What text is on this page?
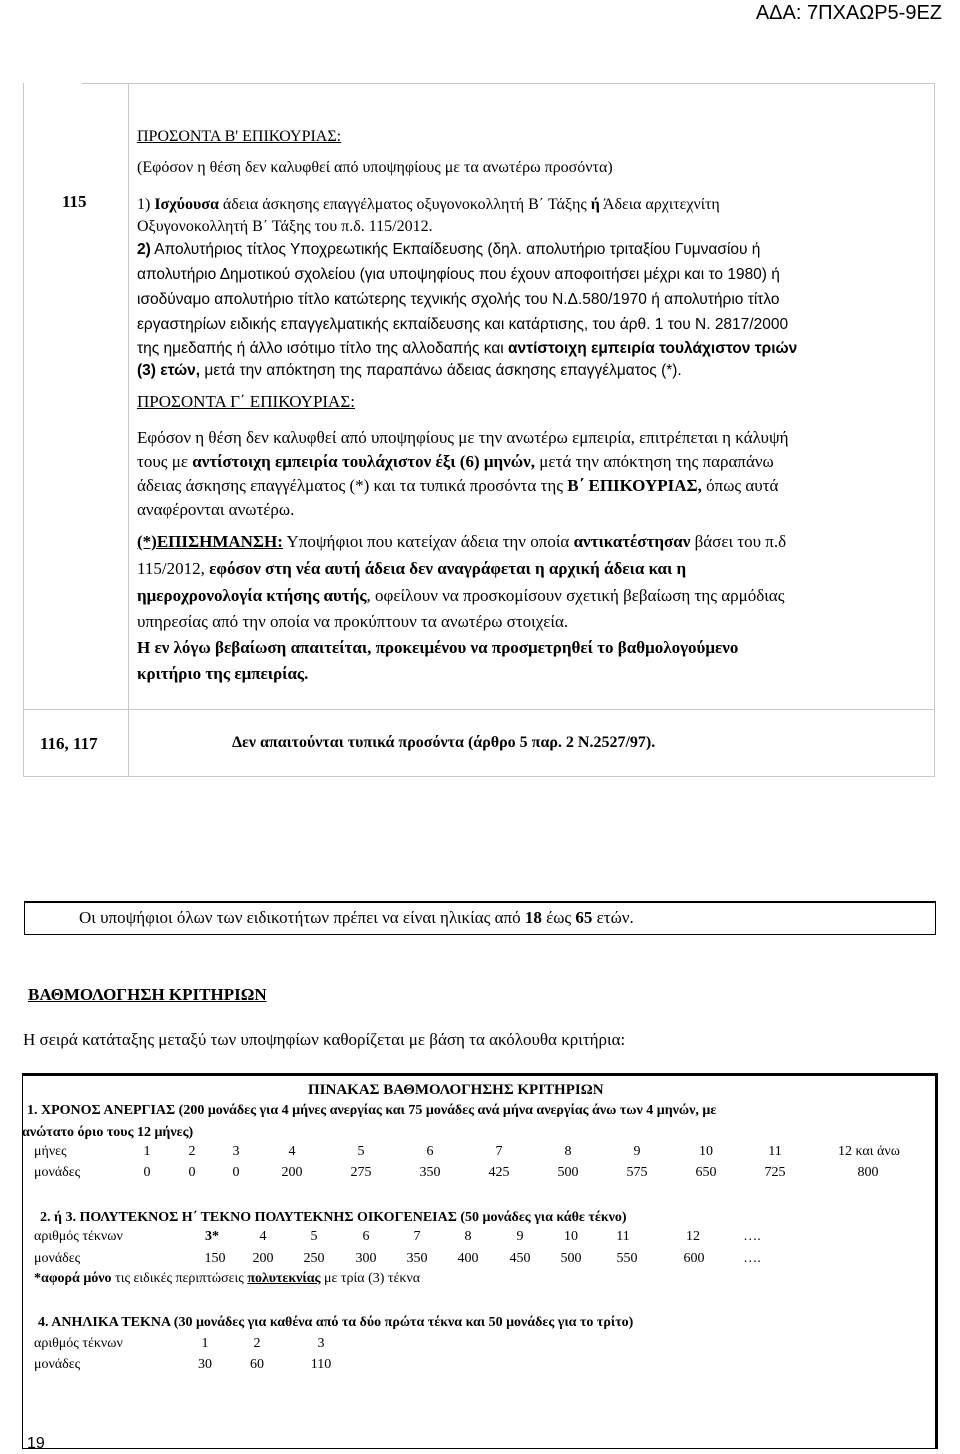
ΑΔΑ: 7ΠΧΑΩΡ5-9ΕΖ
115
ΠΡΟΣΟΝΤΑ Β' ΕΠΙΚΟΥΡΙΑΣ:
(Εφόσον η θέση δεν καλυφθεί από υποψηφίους με τα ανωτέρω προσόντα)
1) Ισχύουσα άδεια άσκησης επαγγέλματος οξυγονοκολλητή Β΄ Τάξης ή Άδεια αρχιτεχνίτη
Οξυγονοκολλητή Β΄ Τάξης του π.δ. 115/2012.
2) Απολυτήριος τίτλος Υποχρεωτικής Εκπαίδευσης (δηλ. απολυτήριο τριταξίου Γυμνασίου ή
απολυτήριο Δημοτικού σχολείου (για υποψηφίους που έχουν αποφοιτήσει μέχρι και το 1980) ή
ισοδύναμο απολυτήριο τίτλο κατώτερης τεχνικής σχολής του Ν.Δ.580/1970 ή απολυτήριο τίτλο
εργαστηρίων ειδικής επαγγελματικής εκπαίδευσης και κατάρτισης, του άρθ. 1 του Ν. 2817/2000
της ημεδαπής ή άλλο ισότιμο τίτλο της αλλοδαπής και αντίστοιχη εμπειρία τουλάχιστον τριών
(3) ετών, μετά την απόκτηση της παραπάνω άδειας άσκησης επαγγέλματος (*).
ΠΡΟΣΟΝΤΑ Γ΄ ΕΠΙΚΟΥΡΙΑΣ:
Εφόσον η θέση δεν καλυφθεί από υποψηφίους με την ανωτέρω εμπειρία, επιτρέπεται η κάλυψή
τους με αντίστοιχη εμπειρία τουλάχιστον έξι (6) μηνών, μετά την απόκτηση της παραπάνω
άδειας άσκησης επαγγέλματος (*) και τα τυπικά προσόντα της Β΄ ΕΠΙΚΟΥΡΙΑΣ, όπως αυτά
αναφέρονται ανωτέρω.
(*)ΕΠΙΣΗΜΑΝΣΗ: Υποψήφιοι που κατείχαν άδεια την οποία αντικατέστησαν βάσει του π.δ
115/2012, εφόσον στη νέα αυτή άδεια δεν αναγράφεται η αρχική άδεια και η
ημεροχρονολογία κτήσης αυτής, οφείλουν να προσκομίσουν σχετική βεβαίωση της αρμόδιας
υπηρεσίας από την οποία να προκύπτουν τα ανωτέρω στοιχεία.
Η εν λόγω βεβαίωση απαιτείται, προκειμένου να προσμετρηθεί το βαθμολογούμενο
κριτήριο της εμπειρίας.
116, 117	Δεν απαιτούνται τυπικά προσόντα (άρθρο 5 παρ. 2 Ν.2527/97).
Οι υποψήφιοι όλων των ειδικοτήτων πρέπει να είναι ηλικίας από 18 έως 65 ετών.
ΒΑΘΜΟΛΟΓΗΣΗ ΚΡΙΤΗΡΙΩΝ
Η σειρά κατάταξης μεταξύ των υποψηφίων καθορίζεται με βάση τα ακόλουθα κριτήρια:
ΠΙΝΑΚΑΣ ΒΑΘΜΟΛΟΓΗΣΗΣ ΚΡΙΤΗΡΙΩΝ
1. ΧΡΟΝΟΣ ΑΝΕΡΓΙΑΣ (200 μονάδες για 4 μήνες ανεργίας και 75 μονάδες ανά μήνα ανεργίας άνω των 4 μηνών, με
ανώτατο όριο τους 12 μήνες)
μήνες	1	2	3	4	5	6	7	8	9	10	11	12 και άνω
μονάδες	0	0	0	200	275	350	425	500	575	650	725	800
2. ή 3. ΠΟΛΥΤΕΚΝΟΣ Η΄ ΤΕΚΝΟ ΠΟΛΥΤΕΚΝΗΣ ΟΙΚΟΓΕΝΕΙΑΣ (50 μονάδες για κάθε τέκνο)
αριθμός τέκνων	3*	4	5	6	7	8	9	10	11	12	….
μονάδες	150	200	250	300	350	400	450	500	550	600	….
*αφορά μόνο τις ειδικές περιπτώσεις πολυτεκνίας με τρία (3) τέκνα
4. ΑΝΗΛΙΚΑ ΤΕΚΝΑ (30 μονάδες για καθένα από τα δύο πρώτα τέκνα και 50 μονάδες για το τρίτο)
αριθμός τέκνων	1	2	3
μονάδες	30	60	110
19
